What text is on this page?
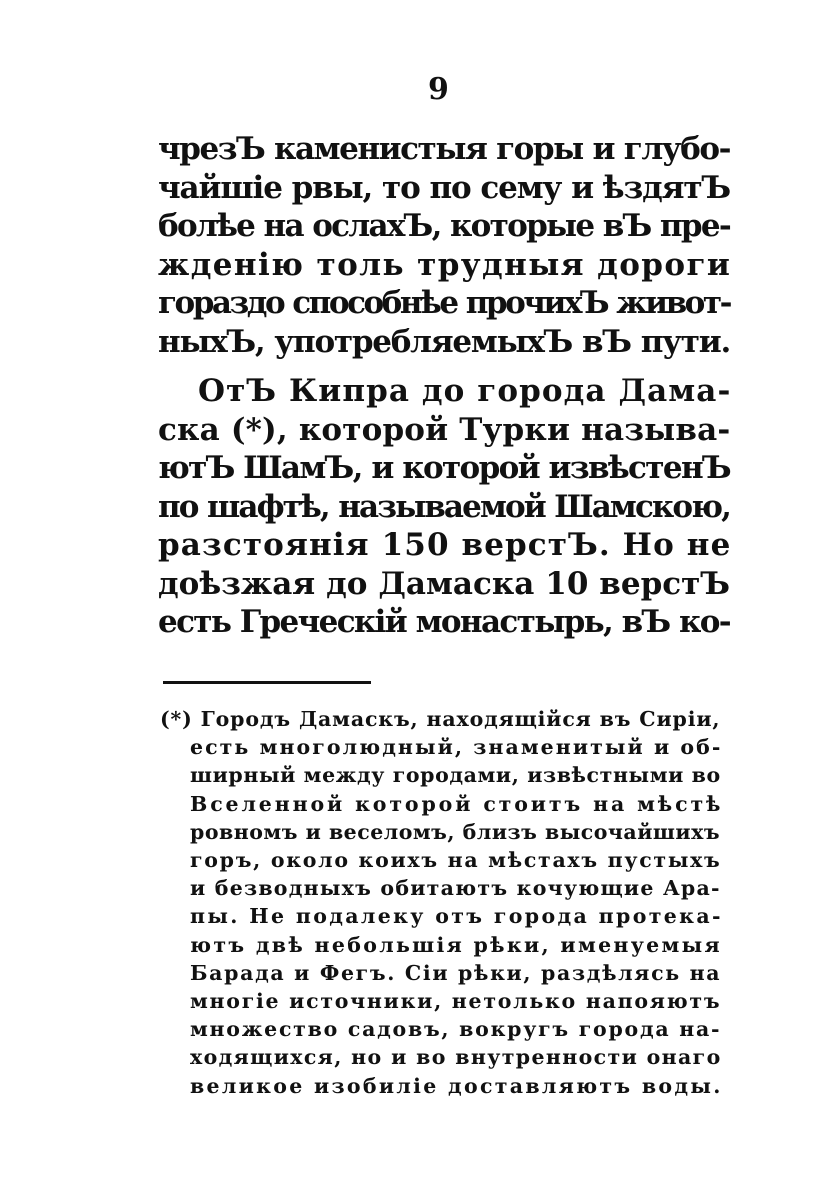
9
чрезЪ каменистыя горы и глубо-
чайшіе рвы, то по сему и ѣздятЪ
болѣе на ослахЪ, которые вЪ пре-
жденію толь трудныя дороги
гораздо способнѣе прочихЪ живот-
ныхЪ, употребляемыхЪ вЪ пути.
ОтЪ Кипра до города Дама-
ска (*), которой Турки называ-
ютЪ ШамЪ, и которой извѣстенЪ
по шафтѣ, называемой Шамскою,
разстоянія 150 верстЪ. Но не
доѣзжая до Дамаска 10 верстЪ
есть Греческій монастырь, вЪ ко-
(*) Городъ Дамаскъ, находящійся въ Сиріи,
есть многолюдный, знаменитый и об-
ширный между городами, извѣстными во
Вселенной которой стоитъ на мѣстѣ
ровномъ и веселомъ, близъ высочайшихъ
горъ, около коихъ на мѣстахъ пустыхъ
и безводныхъ обитаютъ кочующие Ара-
пы. Не подалеку отъ города протека-
ютъ двѣ небольшія рѣки, именуемыя
Барада и Фегъ. Сіи рѣки, раздѣлясь на
многіе источники, нетолько напояютъ
множество садовъ, вокругъ города на-
ходящихся, но и во внутренности онаго
великое изобиліе доставляютъ воды.
